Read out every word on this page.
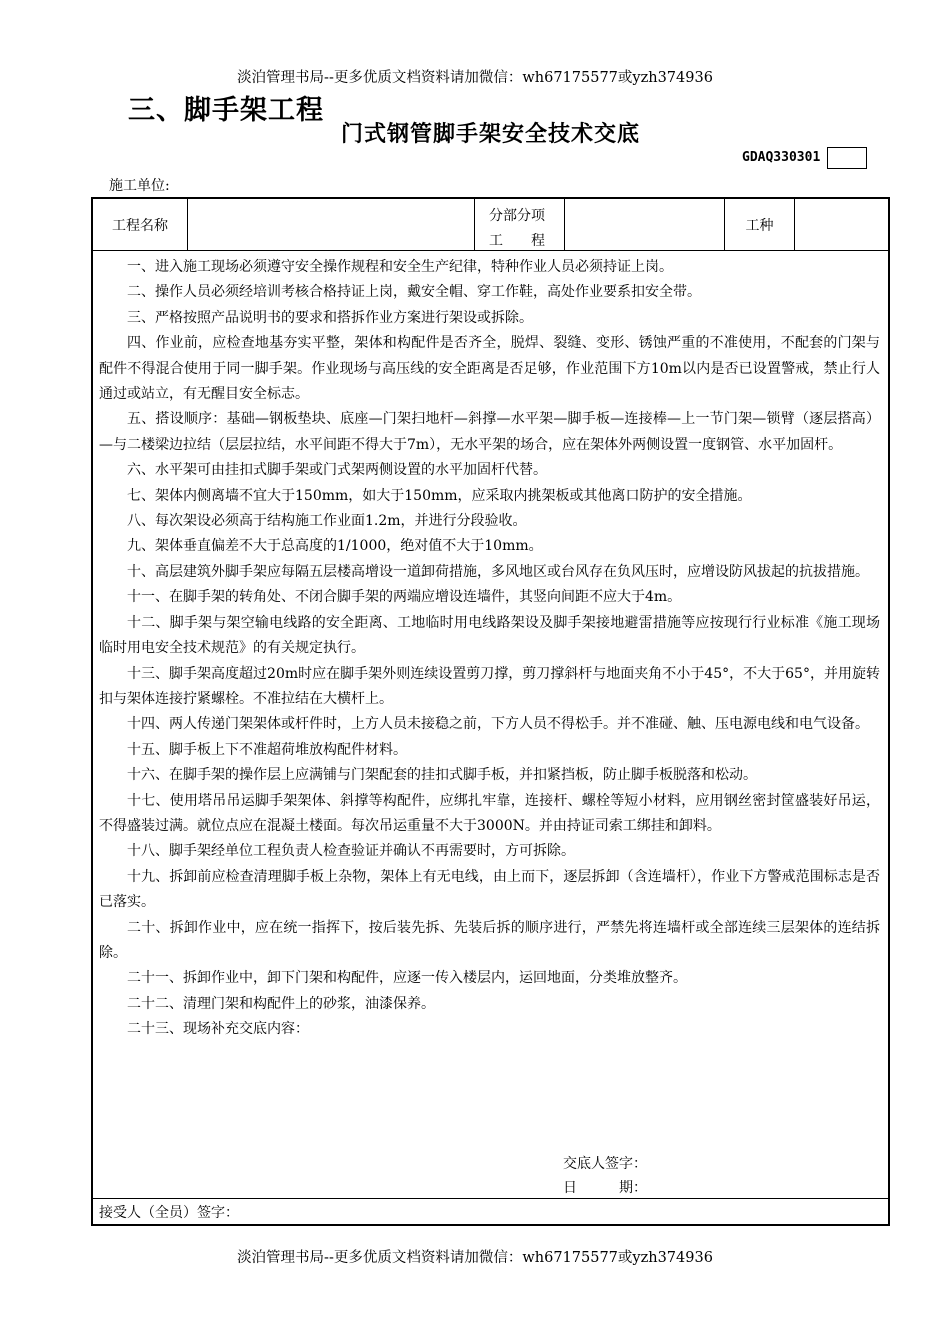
淡泊管理书局--更多优质文档资料请加微信：wh67175577或yzh374936
三、脚手架工程
门式钢管脚手架安全技术交底
GDAQ330301
施工单位:
工程名称
分部分项
工　　程
工种

一、进入施工现场必须遵守安全操作规程和安全生产纪律，特种作业人员必须持证上岗。

二、操作人员必须经培训考核合格持证上岗，戴安全帽、穿工作鞋，高处作业要系扣安全带。

三、严格按照产品说明书的要求和搭拆作业方案进行架设或拆除。

四、作业前，应检查地基夯实平整，架体和构配件是否齐全，脱焊、裂缝、变形、锈蚀严重的不准使用，不配套的门架与配件不得混合使用于同一脚手架。作业现场与高压线的安全距离是否足够，作业范围下方10m以内是否已设置警戒，禁止行人通过或站立，有无醒目安全标志。

五、搭设顺序：基础—钢板垫块、底座—门架扫地杆—斜撑—水平架—脚手板—连接棒—上一节门架—锁臂（逐层搭高）—与二楼梁边拉结（层层拉结，水平间距不得大于7m），无水平架的场合，应在架体外两侧设置一度钢管、水平加固杆。

六、水平架可由挂扣式脚手架或门式架两侧设置的水平加固杆代替。

七、架体内侧离墙不宜大于150mm，如大于150mm，应采取内挑架板或其他离口防护的安全措施。

八、每次架设必须高于结构施工作业面1.2m，并进行分段验收。

九、架体垂直偏差不大于总高度的1/1000，绝对值不大于10mm。

十、高层建筑外脚手架应每隔五层楼高增设一道卸荷措施，多风地区或台风存在负风压时，应增设防风拔起的抗拔措施。

十一、在脚手架的转角处、不闭合脚手架的两端应增设连墙件，其竖向间距不应大于4m。

十二、脚手架与架空输电线路的安全距离、工地临时用电线路架设及脚手架接地避雷措施等应按现行行业标准《施工现场临时用电安全技术规范》的有关规定执行。

十三、脚手架高度超过20m时应在脚手架外则连续设置剪刀撑，剪刀撑斜杆与地面夹角不小于45°，不大于65°，并用旋转扣与架体连接拧紧螺栓。不准拉结在大横杆上。

十四、两人传递门架架体或杆件时，上方人员未接稳之前，下方人员不得松手。并不准碰、触、压电源电线和电气设备。

十五、脚手板上下不准超荷堆放构配件材料。

十六、在脚手架的操作层上应满铺与门架配套的挂扣式脚手板，并扣紧挡板，防止脚手板脱落和松动。

十七、使用塔吊吊运脚手架架体、斜撑等构配件，应绑扎牢靠，连接杆、螺栓等短小材料，应用钢丝密封筐盛装好吊运，不得盛装过满。就位点应在混凝土楼面。每次吊运重量不大于3000N。并由持证司索工绑挂和卸料。

十八、脚手架经单位工程负责人检查验证并确认不再需要时，方可拆除。

十九、拆卸前应检查清理脚手板上杂物，架体上有无电线，由上而下，逐层拆卸（含连墙杆），作业下方警戒范围标志是否已落实。

二十、拆卸作业中，应在统一指挥下，按后装先拆、先装后拆的顺序进行，严禁先将连墙杆或全部连续三层架体的连结拆除。

二十一、拆卸作业中，卸下门架和构配件，应逐一传入楼层内，运回地面，分类堆放整齐。

二十二、清理门架和构配件上的砂浆，油漆保养。

二十三、现场补充交底内容：

交底人签字：
日　　　期：
接受人（全员）签字：
淡泊管理书局--更多优质文档资料请加微信：wh67175577或yzh374936
